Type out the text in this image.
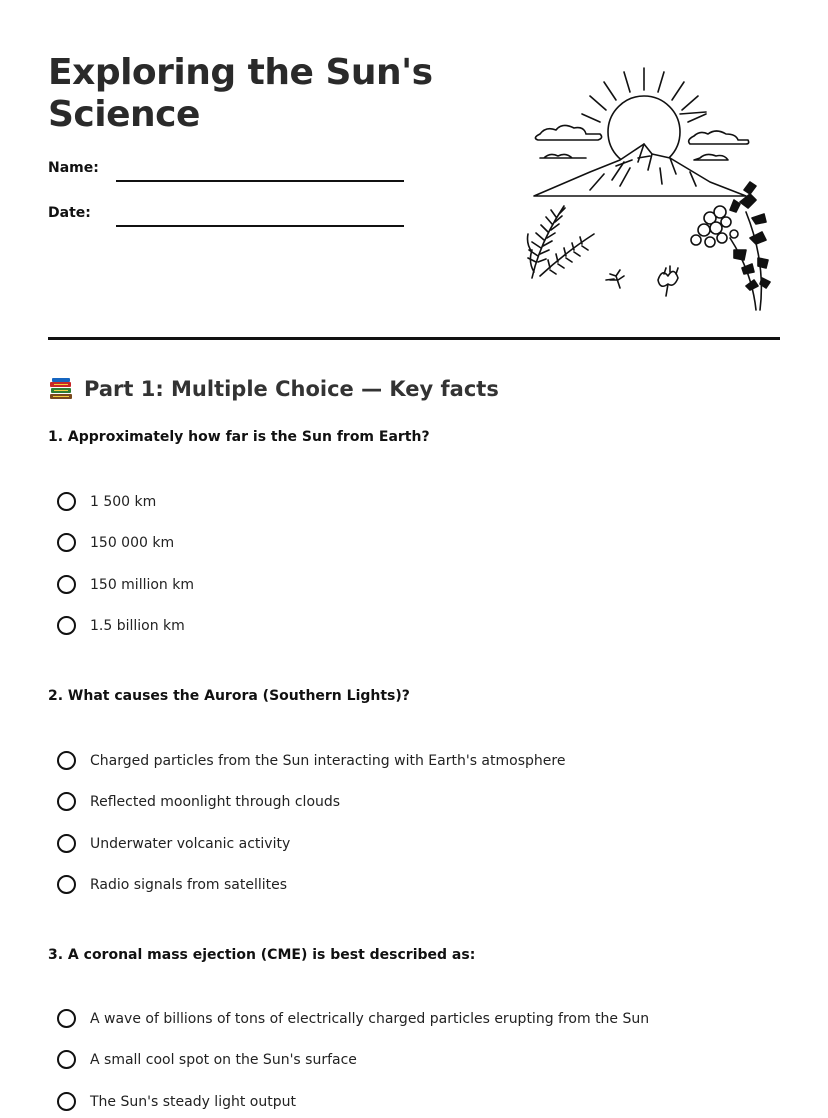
Exploring the Sun's Science
Name:
Date:
Part 1: Multiple Choice — Key facts

1. Approximately how far is the Sun from Earth?

1 500 km
150 000 km
150 million km
1.5 billion km

2. What causes the Aurora (Southern Lights)?

Charged particles from the Sun interacting with Earth's atmosphere
Reflected moonlight through clouds
Underwater volcanic activity
Radio signals from satellites

3. A coronal mass ejection (CME) is best described as:

A wave of billions of tons of electrically charged particles erupting from the Sun
A small cool spot on the Sun's surface
The Sun's steady light output
